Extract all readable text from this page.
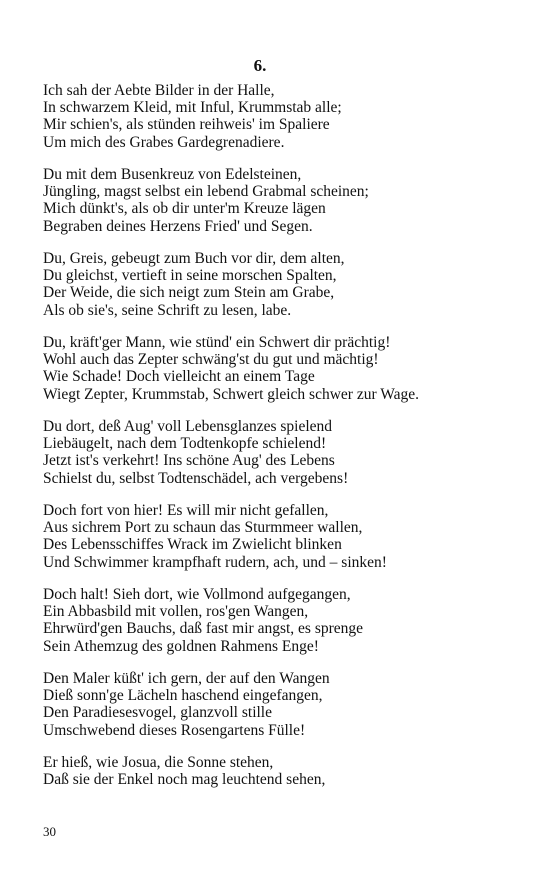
6.
Ich sah der Aebte Bilder in der Halle,
In schwarzem Kleid, mit Inful, Krummstab alle;
Mir schien's, als stünden reihweis' im Spaliere
Um mich des Grabes Gardegrenadiere.
Du mit dem Busenkreuz von Edelsteinen,
Jüngling, magst selbst ein lebend Grabmal scheinen;
Mich dünkt's, als ob dir unter'm Kreuze lägen
Begraben deines Herzens Fried' und Segen.
Du, Greis, gebeugt zum Buch vor dir, dem alten,
Du gleichst, vertieft in seine morschen Spalten,
Der Weide, die sich neigt zum Stein am Grabe,
Als ob sie's, seine Schrift zu lesen, labe.
Du, kräft'ger Mann, wie stünd' ein Schwert dir prächtig!
Wohl auch das Zepter schwäng'st du gut und mächtig!
Wie Schade! Doch vielleicht an einem Tage
Wiegt Zepter, Krummstab, Schwert gleich schwer zur Wage.
Du dort, deß Aug' voll Lebensglanzes spielend
Liebäugelt, nach dem Todtenkopfe schielend!
Jetzt ist's verkehrt! Ins schöne Aug' des Lebens
Schielst du, selbst Todtenschädel, ach vergebens!
Doch fort von hier! Es will mir nicht gefallen,
Aus sichrem Port zu schaun das Sturmmeer wallen,
Des Lebensschiffes Wrack im Zwielicht blinken
Und Schwimmer krampfhaft rudern, ach, und – sinken!
Doch halt! Sieh dort, wie Vollmond aufgegangen,
Ein Abbasbild mit vollen, ros'gen Wangen,
Ehrwürd'gen Bauchs, daß fast mir angst, es sprenge
Sein Athemzug des goldnen Rahmens Enge!
Den Maler küßt' ich gern, der auf den Wangen
Dieß sonn'ge Lächeln haschend eingefangen,
Den Paradiesesvogel, glanzvoll stille
Umschwebend dieses Rosengartens Fülle!
Er hieß, wie Josua, die Sonne stehen,
Daß sie der Enkel noch mag leuchtend sehen,
30
